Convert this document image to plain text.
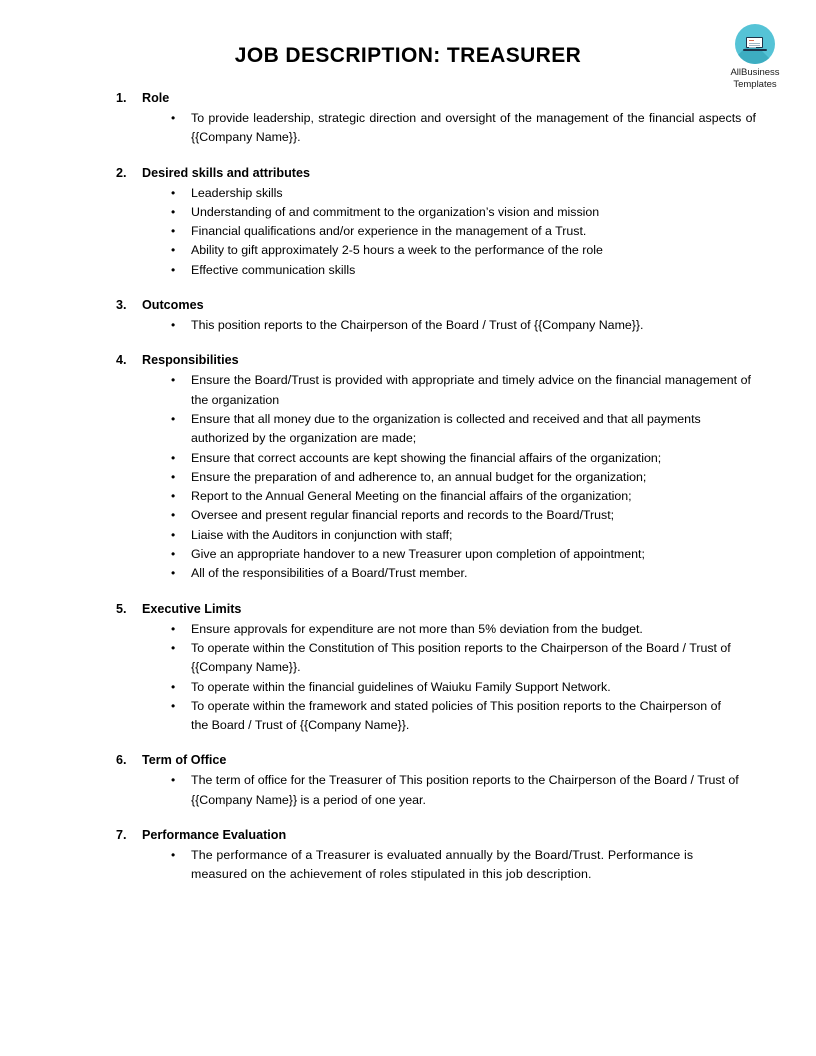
AllBusiness
Templates
JOB DESCRIPTION: TREASURER
1.	Role
• To provide leadership, strategic direction and oversight of the management of the financial aspects of {{Company Name}}.
2.	Desired skills and attributes
• Leadership skills
• Understanding of and commitment to the organization’s vision and mission
• Financial qualifications and/or experience in the management of a Trust.
• Ability to gift approximately 2-5 hours a week to the performance of the role
• Effective communication skills
3.	Outcomes
• This position reports to the Chairperson of the Board / Trust of {{Company Name}}.
4.	Responsibilities
• Ensure the Board/Trust is provided with appropriate and timely advice on the financial management of the organization
• Ensure that all money due to the organization is collected and received and that all payments authorized by the organization are made;
• Ensure that correct accounts are kept showing the financial affairs of the organization;
• Ensure the preparation of and adherence to, an annual budget for the organization;
• Report to the Annual General Meeting on the financial affairs of the organization;
• Oversee and present regular financial reports and records to the Board/Trust;
• Liaise with the Auditors in conjunction with staff;
• Give an appropriate handover to a new Treasurer upon completion of appointment;
• All of the responsibilities of a Board/Trust member.
5.	Executive Limits
• Ensure approvals for expenditure are not more than 5% deviation from the budget.
• To operate within the Constitution of This position reports to the Chairperson of the Board / Trust of {{Company Name}}.
• To operate within the financial guidelines of Waiuku Family Support Network.
• To operate within the framework and stated policies of This position reports to the Chairperson of the Board / Trust of {{Company Name}}.
6.	Term of Office
• The term of office for the Treasurer of This position reports to the Chairperson of the Board / Trust of {{Company Name}} is a period of one year.
7.	Performance Evaluation
• The performance of a Treasurer is evaluated annually by the Board/Trust. Performance is measured on the achievement of roles stipulated in this job description.
